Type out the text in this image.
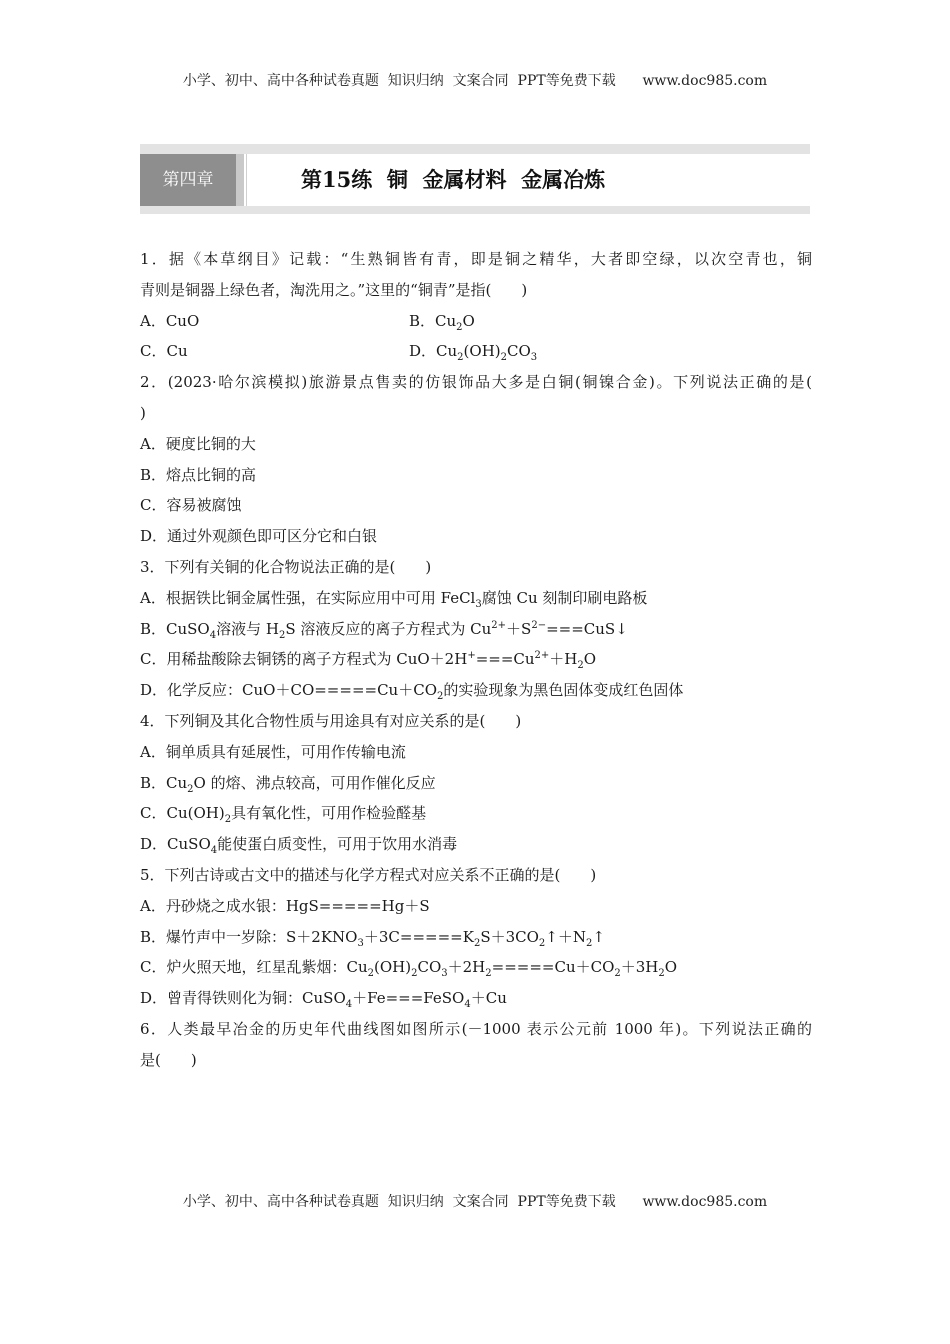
小学、初中、高中各种试卷真题  知识归纳  文案合同  PPT等免费下载      www.doc985.com
第四章	第15练  铜  金属材料  金属冶炼
1．据《本草纲目》记载：“生熟铜皆有青，即是铜之精华，大者即空绿，以次空青也，铜
青则是铜器上绿色者，淘洗用之。”这里的“铜青”是指(　　)
A．CuO	B．$Cu_2O$
C．Cu	D．$Cu_2(OH)_2CO_3$
2．(2023·哈尔滨模拟)旅游景点售卖的仿银饰品大多是白铜(铜镍合金)。下列说法正确的是(
)
A．硬度比铜的大
B．熔点比铜的高
C．容易被腐蚀
D．通过外观颜色即可区分它和白银
3．下列有关铜的化合物说法正确的是(　　)
A．根据铁比铜金属性强，在实际应用中可用 FeCl$_3$腐蚀 Cu 刻制印刷电路板
B．CuSO$_4$溶液与 $H_2S$ 溶液反应的离子方程式为 $Cu^{2+}+S^{2-}===CuS↓$
C．用稀盐酸除去铜锈的离子方程式为 $CuO+2H^+===Cu^{2+}+H_2O$
D．化学反应：$CuO+CO=====Cu+CO_2$的实验现象为黑色固体变成红色固体
4．下列铜及其化合物性质与用途具有对应关系的是(　　)
A．铜单质具有延展性，可用作传输电流
B．$Cu_2O$ 的熔、沸点较高，可用作催化反应
C．$Cu(OH)_2$具有氧化性，可用作检验醛基
D．CuSO$_4$能使蛋白质变性，可用于饮用水消毒
5．下列古诗或古文中的描述与化学方程式对应关系不正确的是(　　)
A．丹砂烧之成水银：HgS=====Hg＋S
B．爆竹声中一岁除：$S+2KNO_3+3C=====K_2S+3CO_2↑+N_2↑$
C．炉火照天地，红星乱紫烟：$Cu_2(OH)_2CO_3+2H_2=====Cu+CO_2+3H_2O$
D．曾青得铁则化为铜：CuSO$_4$＋Fe===FeSO$_4$＋Cu
6．人类最早冶金的历史年代曲线图如图所示(－1000 表示公元前 1000 年)。下列说法正确的
是(　　)
小学、初中、高中各种试卷真题  知识归纳  文案合同  PPT等免费下载      www.doc985.com
